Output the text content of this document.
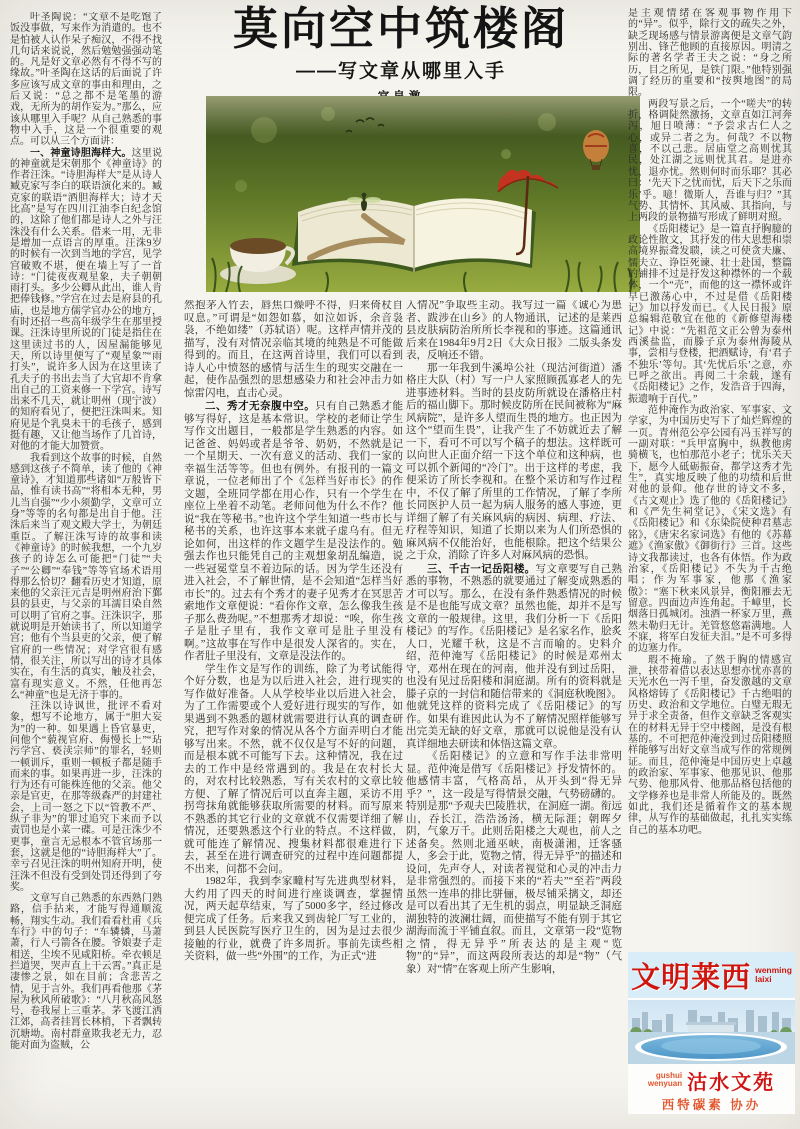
莫向空中筑楼阁
——写文章从哪里入手

叶圣陶说：“文章不是吃饱了饭没事做，写来作为消遣的。也不是怕被人认作呆子痴汉，不得不找几句话来说说，然后勉勉强强动笔的。凡是好文章必然有不得不写的缘故。”叶圣陶在这话的后面说了许多应该写成文章的事由和理由，之后又说：“总之都不是笔墨的游戏，无所为的胡作妄为。”那么，应该从哪里入手呢？从自己熟悉的事物中入手，这是一个很重要的观点。可以从三个方面讲：

一、神童诗胆海样大。这里说的神童就是宋朝那个《神童诗》的作者汪洙。“诗胆海样大”是从诗人臧克家写李白的联语演化来的。臧克家的联语“酒胆海样大；诗才天比高”是写在四川江油李白纪念馆的，这除了他们都是诗人之外与汪洙没有什么关系。借来一用，无非是增加一点语言的厚重。汪洙9岁的时候有一次到当地的学宫，见学宫破败不堪，便在墙上写了一首诗：“门徒夜夜观星象，夫子朝朝雨打头。多少公卿从此出，谁人肯把俸钱修。”学宫在过去是府县的孔庙，也是地方儒学官办公的地方，有时还招一些高年级学生在那里授课。汪洙诗里所说的门徒是指住在这里读过书的人，因屋漏能够见天，所以诗里便写了“观星象”“雨打头”，说许多人因为在这里读了孔夫子的书出去当了大官却不肯拿出自己的工资来修一下学宫。诗写出来不几天，就让明州（现宁波）的知府看见了，便把汪洙叫来。知府见是个乳臭未干的毛孩子，感到挺有趣，又让他当场作了几首诗，对他的才能大加赞赏。

我看到这个故事的时候，自然感到这孩子不简单，读了他的《神童诗》，才知道那些诸如“万般皆下品，惟有读书高”“将相本无种，男儿当自强”“少小须勤学，文章可立身”等等的名句都是出自于他。汪洙后来当了观文殿大学士，为朝廷重臣。了解汪洙写诗的故事和读《神童诗》的时候我想，一个九岁孩子的诗怎么可能把“门徒”“夫子”“公卿”“奉钱”等等官场术语用得那么恰切？翻看历史才知道，原来他的父亲汪元吉是明州府治下鄞县的县吏，与父亲的耳濡目染自然可以明了官府之事。汪洙识字，那就说明是开始读书了，所以知道学宫；他有个当县吏的父亲，便了解官府的一些情况；对学宫很有感情，很关注，所以写出的诗才具体实在，有生活的真实，触及社会，富有现实意义。不然，任他再怎么“神童”也是无济于事的。

汪洙以诗讽世，批评不看对象，想写不论地方，属于“胆大妄为”的一种。如果遇上昏官暴吏，问他个“藐视官府、侮慢长上”“玷污学宫、亵渎宗师”的罪名，轻则一顿训斥，重则一顿板子都是随手而来的事。如果再进一步，汪洙的行为还有可能株连他的父亲。他父亲是官吏，在那等级森严的封建社会，上司一怒之下以“管教不严、纵子非为”的罪过追究下来而予以责罚也是小菜一碟。可是汪洙少不更事，童言无忌根本不管官场那一套，这就是他的“诗胆海样大”了。幸亏召见汪洙的明州知府开明，使汪洙不但没有受到处罚还得到了夸奖。

文章写自己熟悉的东西熟门熟路，信手拈来，才能写得通顺流畅，翔实生动。我们看看杜甫《兵车行》中的句子：“车辚辚，马萧萧，行人弓箭各在腰。爷娘妻子走相送，尘埃不见咸阳桥。牵衣顿足拦道哭，哭声直上干云霄。”真正是凄惨之景，如在目前；含悲苦之情，见于言外。我们再看他那《茅屋为秋风所破歌》：“八月秋高风怒号，卷我屋上三重茅。茅飞渡江洒江郊，高者挂罥长林梢，下者飘转沉塘坳。南村群童欺我老无力，忍能对面为盗贼，公

然抱茅入竹去，唇焦口燥呼不得，归来倚杖自叹息。”可谓是“如怨如慕，如泣如诉，余音袅袅，不绝如缕”（苏轼语）呢。这样声情并茂的描写，没有对情况亲临其境的纯熟是不可能做得到的。而且，在这两首诗里，我们可以看到诗人心中愤怒的感情与活生生的现实交融在一起，使作品强烈的思想感染力和社会冲击力如惊雷闪电，直击心灵。

二、秀才无奈腹中空。只有自己熟悉才能够写得好，这是基本常识。学校的老师让学生写作文出题目，一般都是学生熟悉的内容。如记爸爸、妈妈或者是爷爷、奶奶，不然就是记一个星期天、一次有意义的活动、我们一家的幸福生活等等。但也有例外。有报刊的一篇文章说，一位老师出了个《怎样当好市长》的作文题，全班同学都在用心作，只有一个学生在座位上坐着不动笔。老师问他为什么不作？他说“我在等秘书。”也许这个学生知道一些市长与秘书的关系，也许这事本来就子虚乌有。但无论如何，出这样的作文题学生是没法作的。勉强去作也只能凭自己的主观想象胡乱编造，说一些冠冕堂皇不着边际的话。因为学生还没有进入社会，不了解世情，是不会知道“怎样当好市长”的。过去有个秀才的妻子见秀才在冥思苦索地作文章便说：“看你作文章，怎么像我生孩子那么费劲呢。”不想那秀才却说：“唉，你生孩子是肚子里有，我作文章可是肚子里没有啊。”这故事在写作中是很发人深省的。实在，作者肚子里没有，文章是没法作的。

学生作文是写作的训练，除了为考试能得个好分数，也是为以后进入社会，进行现实的写作做好准备。人从学校毕业以后进入社会，为了工作需要或个人爱好进行现实的写作，如果遇到不熟悉的题材就需要进行认真的调查研究，把写作对象的情况从各个方面弄明白才能够写出来。不然，就不仅仅是写不好的问题，而是根本就不可能写下去。这种情况，我在过去的工作中是经常遇到的。我是在农村长大的，对农村比较熟悉，写有关农村的文章比较方便、了解了情况后可以直奔主题，采访不用拐弯抹角就能够获取所需要的材料。而写原来不熟悉的其它行业的文章就不仅需要详细了解情况，还要熟悉这个行业的特点。不这样做，就可能连了解情况、搜集材料都很难进行下去，甚至在进行调查研究的过程中连问题都提不出来，问都不会问。

1982年，我到李家疃村写先进典型材料，大约用了四天的时间进行座谈调查，掌握情况，两天起草结束，写了5000多字，经过修改便完成了任务。后来我又到齿轮厂写工业的，到县人民医院写医疗卫生的，因为是过去很少接触的行业，就费了许多周折。事前先读些相关资料，做一些“外围”的工作，为正式“进

入情况”争取些主动。我写过一篇《诚心为患者、跋涉在山乡》的人物通讯，记述的是莱西县皮肤病防治所所长李视和的事迹。这篇通讯后来在1984年9月2日《大众日报》二版头条发表，反响还不错。

那一年我到牛溪埠公社（现沽河街道）潘格庄大队（村）写一户人家照顾孤寡老人的先进事迹材料。当时的县皮防所就设在潘格庄村后的福山脚下。那时候皮防所在民间被称为“麻风病院”，是许多人望而生畏的地方。也正因为这个“望而生畏”，让我产生了不妨就近去了解一下，看可不可以写个稿子的想法。这样既可以向世人正面介绍一下这个单位和这种病，也可以抓个新闻的“冷门”。出于这样的考虑，我便采访了所长李视和。在整个采访和写作过程中，不仅了解了所里的工作情况，了解了李所长同医护人员一起为病人服务的感人事迹，更详细了解了有关麻风病的病因、病理、疗法、疗程等知识，知道了长期以来为人们所恐惧的麻风病不仅能治好，也能根除。把这个结果公之于众，消除了许多人对麻风病的恐惧。

三、千古一记岳阳楼。写文章要写自己熟悉的事物，不熟悉的就要通过了解变成熟悉的才可以写。那么，在没有条件熟悉情况的时候是不是也能写成文章？虽然也能，却并不是写文章的一般规律。这里，我们分析一下《岳阳楼记》的写作。《岳阳楼记》是名家名作，脍炙人口，光耀千秋，这是不言而喻的。史料介绍，范仲淹写《岳阳楼记》的时候是邓州太守，邓州在现在的河南，他并没有到过岳阳，也没有见过岳阳楼和洞庭湖。所有的资料就是滕子京的一封信和随信带来的《洞庭秋晚图》。他就凭这样的资料完成了《岳阳楼记》的写作。如果有谁因此认为不了解情况照样能够写出完美无缺的好文章，那就可以说他是没有认真详细地去研读和体悟这篇文章。

《岳阳楼记》的立意和写作手法非常明显。范仲淹是借写《岳阳楼记》抒发情怀的。他感情丰富，气格高昂，从开头到“得无异乎？”，这一段是写得情景交融，气势磅礴的。特别是那“予观夫巴陵胜状，在洞庭一湖。衔远山，吞长江，浩浩汤汤，横无际涯；朝晖夕阴，气象万千。此则岳阳楼之大观也，前人之述备矣。然则北通巫峡，南极潇湘，迁客骚人，多会于此，览物之情，得无异乎”的描述和设问，先声夺人，对读者视觉和心灵的冲击力是非常强烈的。而接下来的“若夫”“至若”两段虽然一连串的排比骈俪，极尽铺采摛文，却还是可以看出其了无生机的弱点，明显缺乏洞庭湖独特的波澜壮阔，而使描写不能有别于其它湖海而流于平铺直叙。而且，文章第一段“览物之情，得无异乎”所表达的是主观“览物”的“异”，而这两段所表达的却是“物”（气象）对“情”在客观上所产生影响，

是主观情绪在客观事物作用下的“异”。似乎，除行文的疏失之外，缺乏现场感与情景游离便是文章气韵别出、锋芒他顾的直接原因。明清之际的著名学者王夫之说：“身之所历，目之所见，是铁门限。”他特别强调了经历的重要和“按舆地图”的局限。

两段写景之后，一个“嗟夫”的转折，格调陡然激扬，文章直如江河奔泻，旭日喷薄：“予尝求古仁人之心，或异二者之为。何哉？不以物喜，不以己悲。居庙堂之高则忧其民，处江湖之远则忧其君。是进亦忧，退亦忧。然则何时而乐耶？其必曰：‘先天下之忧而忧，后天下之乐而乐’乎。噫！微斯人，吾谁与归？”其气势、其情怀、其风威、其指向，与上两段的景物描写形成了鲜明对照。

《岳阳楼记》是一篇直抒胸臆的政论性散文，其抒发的伟大思想和崇高境界振聋发聩，读之可使贪夫廉、懦夫立、诤臣死谏、壮士赴国，整篇的铺排不过是抒发这种襟怀的一个载体，一个“壳”，而他的这一襟怀或许早已激荡心中，不过是借《岳阳楼记》加以抒发而已。《人民日报》原总编辑范敬宜在他的《新修望海楼记》中说：“先祖范文正公曾为泰州西溪盐监，而滕子京为泰州海陵从事，尝相与登楼，把酒赋诗，有‘君子不独乐’等句。其‘先忧后乐’之意，亦已呼之欲出。再阅二十余载，遂有《岳阳楼记》之作，发浩音于四海，振遗响于百代。”

范仲淹作为政治家、军事家、文学家，为中国历史写下了灿烂辉煌的一页。青州范公亭公园有冯玉祥写的一副对联：“兵甲富胸中，纵教他虏骑横飞，也怕那范小老子；忧乐关天下，愿今人砥砺振奋，都学这秀才先生”，真实地反映了他的功绩和后世对他的景仰。他存世的诗文不多，《古文观止》选了他的《岳阳楼记》和《严先生祠堂记》，《宋文选》有《岳阳楼记》和《东染院使种君墓志铭》，《唐宋名家词选》有他的《苏幕遮》《渔家傲》《御街行》三首。这些诗文我都读过，也各有体悟。作为政治家，《岳阳楼记》不失为千古绝唱；作为军事家，他那《渔家傲》：“塞下秋来风景异，衡阳雁去无留意。四面边声连角起。千嶂里，长烟落日孤城闭。浊酒一杯家万里，燕然未勒归无计。羌管悠悠霜满地。人不寐，将军白发征夫泪。”是不可多得的边塞力作。

瑕不掩瑜。了然于胸的情感宣泄，挟带着借以表达思想亦忧亦喜的天光水色一泻千里，奋发激越的文章风格熔铸了《岳阳楼记》千古绝唱的历史、政治和文学地位。白璧无瑕无异于求全责备，但作文章缺乏客观实在的材料无异于空中楼阁，是没有根基的。不可把范仲淹没到过岳阳楼照样能够写出好文章当成写作的常规例证。而且，范仲淹是中国历史上卓越的政治家、军事家、他那见识、他那气势、他那风骨、他那品格包括他的文学修养也是非常人所能及的。既然如此，我们还是循着作文的基本规律，从写作的基础做起，扎扎实实练自己的基本功吧。

文明莱西 wenming
laixi
gushui
wenyuan 沽水文苑
西特碳素 协办
